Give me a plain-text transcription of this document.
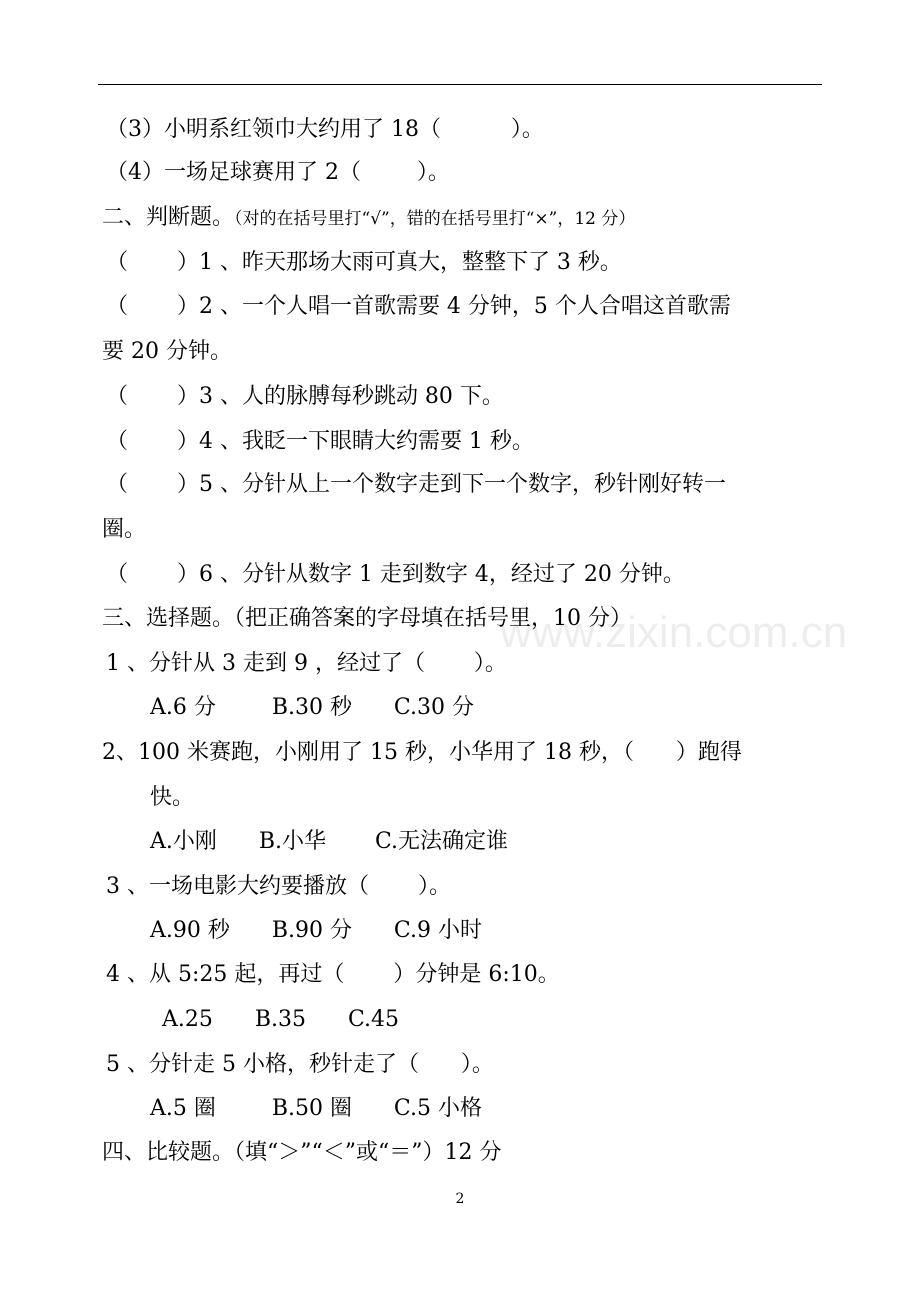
www.zixin.com.cn
（3）小明系红领巾大约用了 18（          ）。
（4）一场足球赛用了 2（        ）。
二、判断题。（对的在括号里打“√”，错的在括号里打“×”，12 分）
（       ）1 、昨天那场大雨可真大，整整下了 3 秒。
（       ）2 、一个人唱一首歌需要 4 分钟，5 个人合唱这首歌需
要 20 分钟。
（       ）3 、人的脉膊每秒跳动 80 下。
（       ）4 、我眨一下眼睛大约需要 1 秒。
（       ）5 、分针从上一个数字走到下一个数字，秒针刚好转一
圈。
（       ）6 、分针从数字 1 走到数字 4，经过了 20 分钟。
三、选择题。（把正确答案的字母填在括号里，10 分）
1 、分针从 3 走到 9 ，经过了（       ）。
A.6 分        B.30 秒      C.30 分
2、100 米赛跑，小刚用了 15 秒，小华用了 18 秒，（      ）跑得
快。
A.小刚      B.小华       C.无法确定谁
3 、一场电影大约要播放（       ）。
A.90 秒      B.90 分      C.9 小时
4 、从 5:25 起，再过（       ）分钟是 6:10。
A.25      B.35      C.45
5 、分针走 5 小格，秒针走了（      ）。
A.5 圈        B.50 圈      C.5 小格
四、比较题。（填“＞”“＜”或“＝”）12 分
2
